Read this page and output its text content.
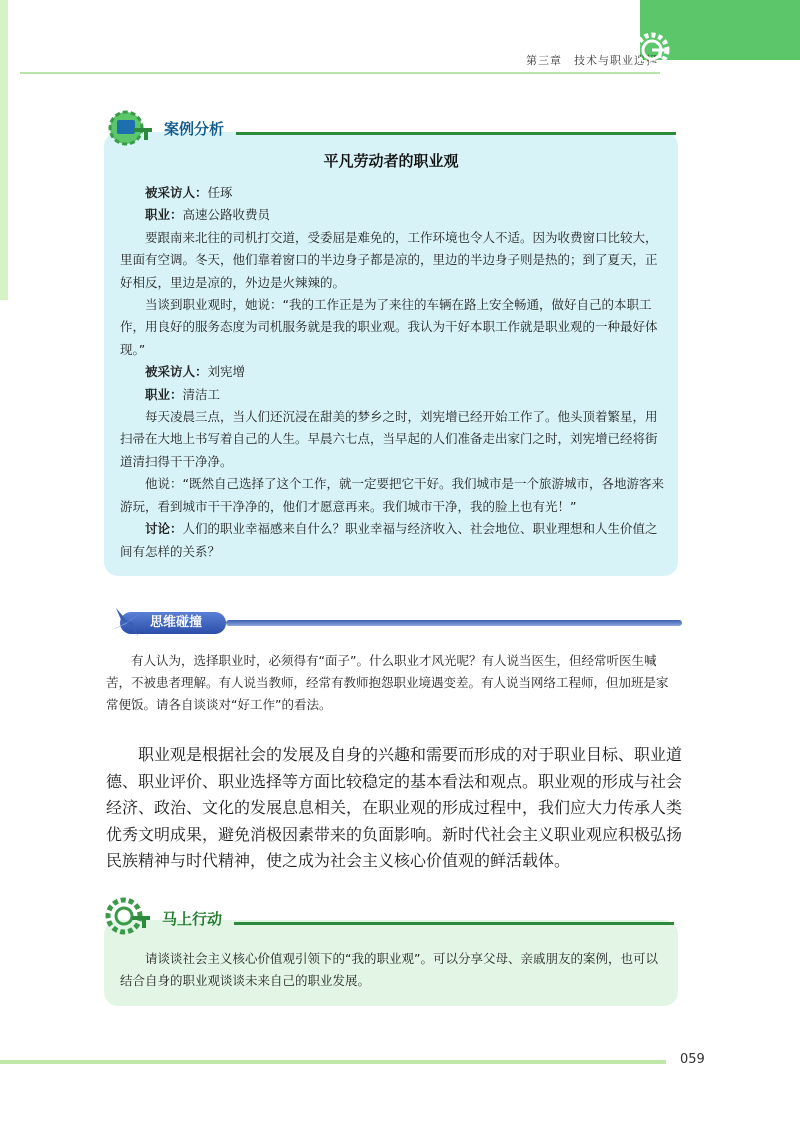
第三章　技术与职业选择
案例分析
平凡劳动者的职业观

被采访人：任琢

职业：高速公路收费员

要跟南来北往的司机打交道，受委屈是难免的，工作环境也令人不适。因为收费窗口比较大，里面有空调。冬天，他们靠着窗口的半边身子都是凉的，里边的半边身子则是热的；到了夏天，正好相反，里边是凉的，外边是火辣辣的。

当谈到职业观时，她说：“我的工作正是为了来往的车辆在路上安全畅通，做好自己的本职工作，用良好的服务态度为司机服务就是我的职业观。我认为干好本职工作就是职业观的一种最好体现。”

被采访人：刘宪增

职业：清洁工

每天凌晨三点，当人们还沉浸在甜美的梦乡之时，刘宪增已经开始工作了。他头顶着繁星，用扫帚在大地上书写着自己的人生。早晨六七点，当早起的人们准备走出家门之时，刘宪增已经将街道清扫得干干净净。

他说：“既然自己选择了这个工作，就一定要把它干好。我们城市是一个旅游城市，各地游客来游玩，看到城市干干净净的，他们才愿意再来。我们城市干净，我的脸上也有光！”

讨论：人们的职业幸福感来自什么？职业幸福与经济收入、社会地位、职业理想和人生价值之间有怎样的关系？

思维碰撞

有人认为，选择职业时，必须得有“面子”。什么职业才风光呢？有人说当医生，但经常听医生喊苦，不被患者理解。有人说当教师，经常有教师抱怨职业境遇变差。有人说当网络工程师，但加班是家常便饭。请各自谈谈对“好工作”的看法。

职业观是根据社会的发展及自身的兴趣和需要而形成的对于职业目标、职业道德、职业评价、职业选择等方面比较稳定的基本看法和观点。职业观的形成与社会经济、政治、文化的发展息息相关，在职业观的形成过程中，我们应大力传承人类优秀文明成果，避免消极因素带来的负面影响。新时代社会主义职业观应积极弘扬民族精神与时代精神，使之成为社会主义核心价值观的鲜活载体。

马上行动

请谈谈社会主义核心价值观引领下的“我的职业观”。可以分享父母、亲戚朋友的案例，也可以结合自身的职业观谈谈未来自己的职业发展。

059
